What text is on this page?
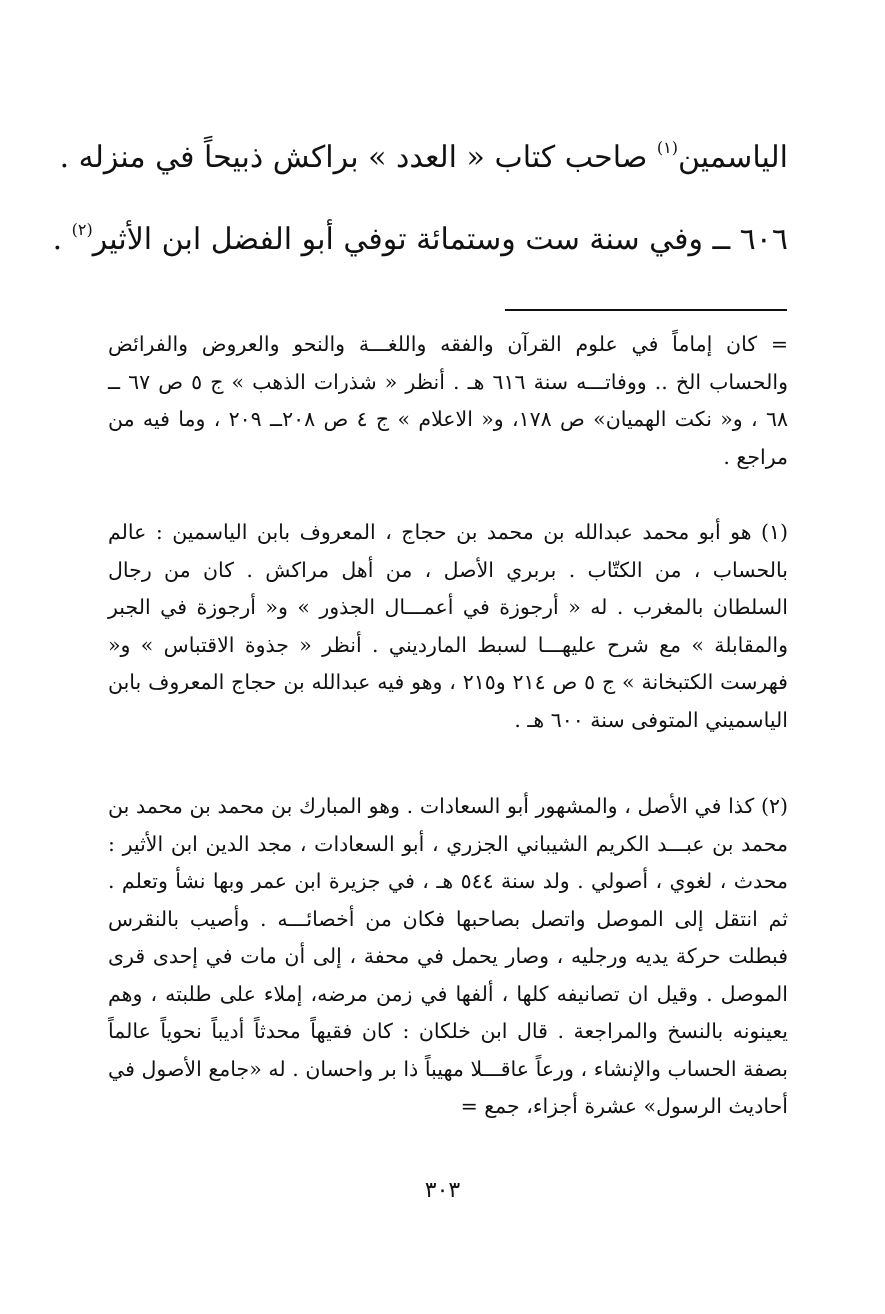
الياسمين$^{(١)}$ صاحب كتاب « العدد » براكش ذبيحاً في منزله .
٦٠٦ ــ وفي سنة ست وستمائة توفي أبو الفضل ابن الأثير$^{(٢)}$ .

= كان إماماً في علوم القرآن والفقه واللغـــة والنحو والعروض والفرائض والحساب الخ .. ووفاتـــه سنة ٦١٦ هـ . أنظر « شذرات الذهب » ج ٥ ص ٦٧ ــ ٦٨ ، و« نكت الهميان» ص ١٧٨، و« الاعلام » ج ٤ ص ٢٠٨ــ ٢٠٩ ، وما فيه من مراجع .

(١) هو أبو محمد عبدالله بن محمد بن حجاج ، المعروف بابن الياسمين : عالم بالحساب ، من الكتّاب . بربري الأصل ، من أهل مراكش . كان من رجال السلطان بالمغرب . له « أرجوزة في أعمـــال الجذور » و« أرجوزة في الجبر والمقابلة » مع شرح عليهـــا لسبط المارديني . أنظر « جذوة الاقتباس » و« فهرست الكتبخانة » ج ٥ ص ٢١٤ و٢١٥ ، وهو فيه عبدالله بن حجاج المعروف بابن الياسميني المتوفى سنة ٦٠٠ هـ .

(٢) كذا في الأصل ، والمشهور أبو السعادات . وهو المبارك بن محمد بن محمد بن محمد بن عبـــد الكريم الشيباني الجزري ، أبو السعادات ، مجد الدين ابن الأثير : محدث ، لغوي ، أصولي . ولد سنة ٥٤٤ هـ ، في جزيرة ابن عمر وبها نشأ وتعلم . ثم انتقل إلى الموصل واتصل بصاحبها فكان من أخصائـــه . وأصيب بالنقرس فبطلت حركة يديه ورجليه ، وصار يحمل في محفة ، إلى أن مات في إحدى قرى الموصل . وقيل ان تصانيفه كلها ، ألفها في زمن مرضه، إملاء على طلبته ، وهم يعينونه بالنسخ والمراجعة . قال ابن خلكان : كان فقيهاً محدثاً أديباً نحوياً عالماً بصفة الحساب والإنشاء ، ورعاً عاقـــلا مهيباً ذا بر واحسان . له «جامع الأصول في أحاديث الرسول» عشرة أجزاء، جمع =

٣٠٣
